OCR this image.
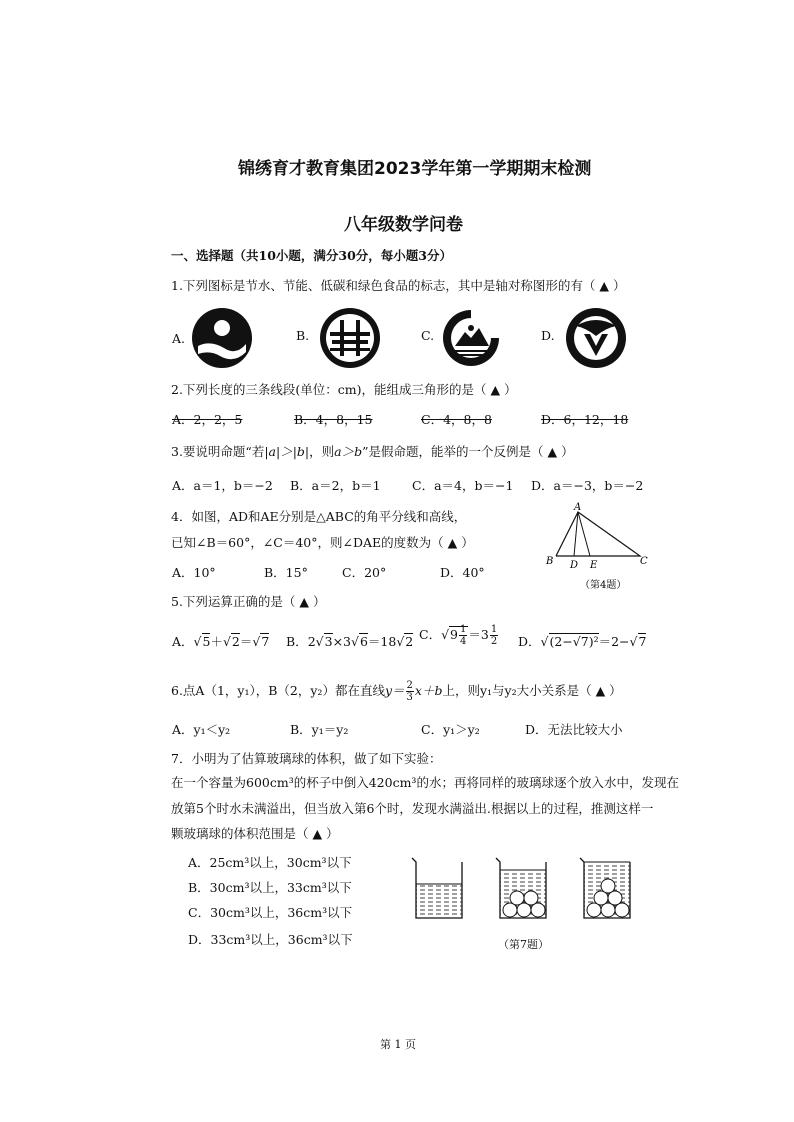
锦绣育才教育集团2023学年第一学期期末检测
八年级数学问卷
一、选择题（共10小题，满分30分，每小题3分）
1.下列图标是节水、节能、低碳和绿色食品的标志，其中是轴对称图形的有（ ▲ ）
A.	B.	C.	D.
2.下列长度的三条线段(单位：cm)，能组成三角形的是（ ▲ ）
A．2，2，5	B．4，8，15	C．4，8，8	D．6，12，18
3.要说明命题“若|a|＞|b|，则a＞b”是假命题，能举的一个反例是（ ▲ ）
A．a＝1，b＝−2 B．a＝2，b＝1	C．a＝4，b＝−1 D．a＝−3，b＝−2
4．如图，AD和AE分别是△ABC的角平分线和高线，
已知∠B＝60°，∠C＝40°，则∠DAE的度数为（ ▲ ）
A．10°	B．15°	C．20°	D．40°
A
B D E	C
（第4题）
5.下列运算正确的是（ ▲ ）
A．√5＋√2＝√7 B．2√3×3√6＝18√2 C．$√9 \frac{1}{4} =3 \frac{1}{2}$ D．√(2−√7)²＝2−√7
6.点A（1，y₁），B（2，y₂）都在直线$y= \frac{2}{3} x+b$上，则y₁与y₂大小关系是（ ▲ ）
A．y₁＜y₂	B．y₁＝y₂	C．y₁＞y₂	D．无法比较大小
7．小明为了估算玻璃球的体积，做了如下实验：
在一个容量为600cm³的杯子中倒入420cm³的水；再将同样的玻璃球逐个放入水中，发现在
放第5个时水未满溢出，但当放入第6个时，发现水满溢出.根据以上的过程，推测这样一
颗玻璃球的体积范围是（ ▲ ）
A．25cm³以上，30cm³以下
B．30cm³以上，33cm³以下
C．30cm³以上，36cm³以下
D．33cm³以上，36cm³以下	（第7题）
第 1 页
